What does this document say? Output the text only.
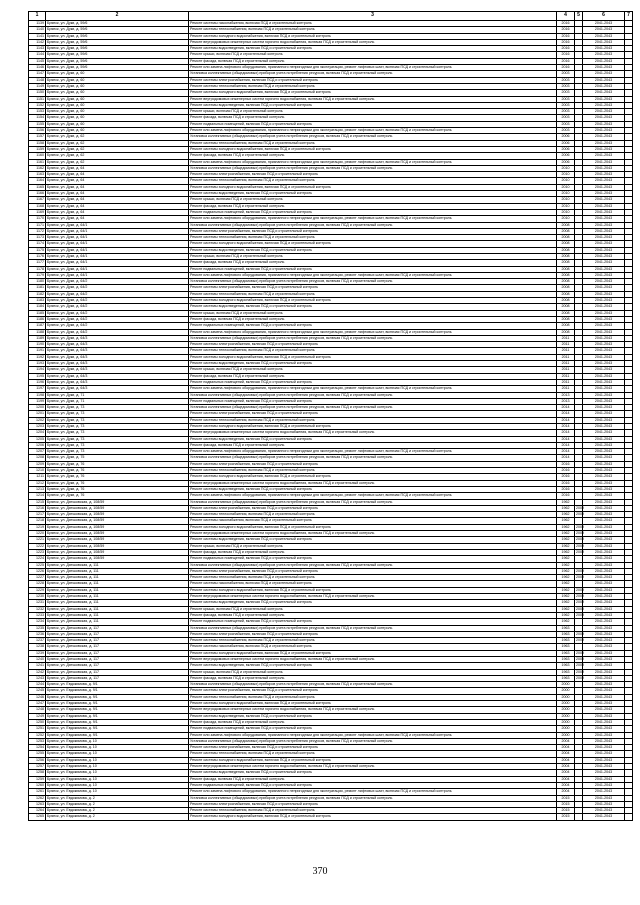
1	2	3	4	5	6	7
1139	Брянск, ул. Дуки, д. 59/6	Ремонт системы газоснабжения, включая ПСД и строительный контроль	2016		2041-2043	
1140	Брянск, ул. Дуки, д. 59/6	Ремонт системы теплоснабжения, включая ПСД и строительный контроль	2016		2041-2043	
1141	Брянск, ул. Дуки, д. 59/6	Ремонт системы холодного водоснабжения, включая ПСД и строительный контроль	2016		2041-2043	
1142	Брянск, ул. Дуки, д. 59/6	Ремонт внутридомовых инженерных систем горячего водоснабжения, включая ПСД и строительный контроль	2016		2041-2043	
1143	Брянск, ул. Дуки, д. 59/6	Ремонт системы водоотведения, включая ПСД и строительный контроль	2016		2041-2043	
1144	Брянск, ул. Дуки, д. 59/6	Ремонт крыши, включая ПСД и строительный контроль	2016		2041-2043	
1145	Брянск, ул. Дуки, д. 59/6	Ремонт фасада, включая ПСД и строительный контроль	2016		2041-2043	
1146	Брянск, ул. Дуки, д. 59/6	Ремонт или замена лифтового оборудования, признанного непригодным для эксплуатации, ремонт лифтовых шахт, включая ПСД и строительный контроль	2016		2041-2043	
1147	Брянск, ул. Дуки, д. 60	Установка коллективных (общедомовых) приборов учета потребления ресурсов, включая ПСД и строительный контроль	2003		2041-2043	
1148	Брянск, ул. Дуки, д. 60	Ремонт системы электроснабжения, включая ПСД и строительный контроль	2003		2041-2043	
1149	Брянск, ул. Дуки, д. 60	Ремонт системы теплоснабжения, включая ПСД и строительный контроль	2003		2041-2043	
1150	Брянск, ул. Дуки, д. 60	Ремонт системы холодного водоснабжения, включая ПСД и строительный контроль	2003		2041-2043	
1151	Брянск, ул. Дуки, д. 60	Ремонт внутридомовых инженерных систем горячего водоснабжения, включая ПСД и строительный контроль	2003		2041-2043	
1152	Брянск, ул. Дуки, д. 60	Ремонт системы водоотведения, включая ПСД и строительный контроль	2003		2041-2043	
1153	Брянск, ул. Дуки, д. 60	Ремонт крыши, включая ПСД и строительный контроль	2003		2041-2043	
1154	Брянск, ул. Дуки, д. 60	Ремонт фасада, включая ПСД и строительный контроль	2003		2041-2043	
1155	Брянск, ул. Дуки, д. 60	Ремонт подвальных помещений, включая ПСД и строительный контроль	2003		2041-2043	
1156	Брянск, ул. Дуки, д. 60	Ремонт или замена лифтового оборудования, признанного непригодным для эксплуатации, ремонт лифтовых шахт, включая ПСД и строительный контроль	2003		2041-2043	
1157	Брянск, ул. Дуки, д. 62	Установка коллективных (общедомовых) приборов учета потребления ресурсов, включая ПСД и строительный контроль	2006		2041-2043	
1158	Брянск, ул. Дуки, д. 62	Ремонт системы теплоснабжения, включая ПСД и строительный контроль	2006		2041-2043	
1159	Брянск, ул. Дуки, д. 62	Ремонт системы холодного водоснабжения, включая ПСД и строительный контроль	2006		2041-2043	
1160	Брянск, ул. Дуки, д. 62	Ремонт фасада, включая ПСД и строительный контроль	2006		2041-2043	
1161	Брянск, ул. Дуки, д. 62	Ремонт или замена лифтового оборудования, признанного непригодным для эксплуатации, ремонт лифтовых шахт, включая ПСД и строительный контроль	2006		2041-2043	
1162	Брянск, ул. Дуки, д. 64	Установка коллективных (общедомовых) приборов учета потребления ресурсов, включая ПСД и строительный контроль	2010		2041-2043	
1163	Брянск, ул. Дуки, д. 64	Ремонт системы электроснабжения, включая ПСД и строительный контроль	2010		2041-2043	
1164	Брянск, ул. Дуки, д. 64	Ремонт системы теплоснабжения, включая ПСД и строительный контроль	2010		2041-2043	
1165	Брянск, ул. Дуки, д. 64	Ремонт системы холодного водоснабжения, включая ПСД и строительный контроль	2010		2041-2043	
1166	Брянск, ул. Дуки, д. 64	Ремонт системы водоотведения, включая ПСД и строительный контроль	2010		2041-2043	
1167	Брянск, ул. Дуки, д. 64	Ремонт крыши, включая ПСД и строительный контроль	2010		2041-2043	
1168	Брянск, ул. Дуки, д. 64	Ремонт фасада, включая ПСД и строительный контроль	2010		2041-2043	
1169	Брянск, ул. Дуки, д. 64	Ремонт подвальных помещений, включая ПСД и строительный контроль	2010		2041-2043	
1170	Брянск, ул. Дуки, д. 64	Ремонт или замена лифтового оборудования, признанного непригодным для эксплуатации, ремонт лифтовых шахт, включая ПСД и строительный контроль	2010		2041-2043	
1171	Брянск, ул. Дуки, д. 64/1	Установка коллективных (общедомовых) приборов учета потребления ресурсов, включая ПСД и строительный контроль	2008		2041-2043	
1172	Брянск, ул. Дуки, д. 64/1	Ремонт системы электроснабжения, включая ПСД и строительный контроль	2008		2041-2043	
1173	Брянск, ул. Дуки, д. 64/1	Ремонт системы теплоснабжения, включая ПСД и строительный контроль	2008		2041-2043	
1174	Брянск, ул. Дуки, д. 64/1	Ремонт системы холодного водоснабжения, включая ПСД и строительный контроль	2008		2041-2043	
1175	Брянск, ул. Дуки, д. 64/1	Ремонт системы водоотведения, включая ПСД и строительный контроль	2008		2041-2043	
1176	Брянск, ул. Дуки, д. 64/1	Ремонт крыши, включая ПСД и строительный контроль	2008		2041-2043	
1177	Брянск, ул. Дуки, д. 64/1	Ремонт фасада, включая ПСД и строительный контроль	2008		2041-2043	
1178	Брянск, ул. Дуки, д. 64/1	Ремонт подвальных помещений, включая ПСД и строительный контроль	2008		2041-2043	
1179	Брянск, ул. Дуки, д. 64/1	Ремонт или замена лифтового оборудования, признанного непригодным для эксплуатации, ремонт лифтовых шахт, включая ПСД и строительный контроль	2008		2041-2043	
1180	Брянск, ул. Дуки, д. 64/2	Установка коллективных (общедомовых) приборов учета потребления ресурсов, включая ПСД и строительный контроль	2008		2041-2043	
1181	Брянск, ул. Дуки, д. 64/2	Ремонт системы электроснабжения, включая ПСД и строительный контроль	2008		2041-2043	
1182	Брянск, ул. Дуки, д. 64/2	Ремонт системы теплоснабжения, включая ПСД и строительный контроль	2008		2041-2043	
1183	Брянск, ул. Дуки, д. 64/2	Ремонт системы холодного водоснабжения, включая ПСД и строительный контроль	2008		2041-2043	
1184	Брянск, ул. Дуки, д. 64/2	Ремонт системы водоотведения, включая ПСД и строительный контроль	2008		2041-2043	
1185	Брянск, ул. Дуки, д. 64/2	Ремонт крыши, включая ПСД и строительный контроль	2008		2041-2043	
1186	Брянск, ул. Дуки, д. 64/2	Ремонт фасада, включая ПСД и строительный контроль	2008		2041-2043	
1187	Брянск, ул. Дуки, д. 64/2	Ремонт подвальных помещений, включая ПСД и строительный контроль	2008		2041-2043	
1188	Брянск, ул. Дуки, д. 64/2	Ремонт или замена лифтового оборудования, признанного непригодным для эксплуатации, ремонт лифтовых шахт, включая ПСД и строительный контроль	2008		2041-2043	
1189	Брянск, ул. Дуки, д. 64/3	Установка коллективных (общедомовых) приборов учета потребления ресурсов, включая ПСД и строительный контроль	2011		2041-2043	
1190	Брянск, ул. Дуки, д. 64/3	Ремонт системы электроснабжения, включая ПСД и строительный контроль	2011		2041-2043	
1191	Брянск, ул. Дуки, д. 64/3	Ремонт системы теплоснабжения, включая ПСД и строительный контроль	2011		2041-2043	
1192	Брянск, ул. Дуки, д. 64/3	Ремонт системы холодного водоснабжения, включая ПСД и строительный контроль	2011		2041-2043	
1193	Брянск, ул. Дуки, д. 64/3	Ремонт системы водоотведения, включая ПСД и строительный контроль	2011		2041-2043	
1194	Брянск, ул. Дуки, д. 64/3	Ремонт крыши, включая ПСД и строительный контроль	2011		2041-2043	
1195	Брянск, ул. Дуки, д. 64/3	Ремонт фасада, включая ПСД и строительный контроль	2011		2041-2043	
1196	Брянск, ул. Дуки, д. 64/3	Ремонт подвальных помещений, включая ПСД и строительный контроль	2011		2041-2043	
1197	Брянск, ул. Дуки, д. 64/3	Ремонт или замена лифтового оборудования, признанного непригодным для эксплуатации, ремонт лифтовых шахт, включая ПСД и строительный контроль	2011		2041-2043	
1198	Брянск, ул. Дуки, д. 71	Установка коллективных (общедомовых) приборов учета потребления ресурсов, включая ПСД и строительный контроль	2013		2041-2043	
1199	Брянск, ул. Дуки, д. 71	Ремонт подвальных помещений, включая ПСД и строительный контроль	2013		2041-2043	
1200	Брянск, ул. Дуки, д. 73	Установка коллективных (общедомовых) приборов учета потребления ресурсов, включая ПСД и строительный контроль	2014		2041-2043	
1201	Брянск, ул. Дуки, д. 73	Ремонт системы электроснабжения, включая ПСД и строительный контроль	2014		2041-2043	
1202	Брянск, ул. Дуки, д. 73	Ремонт системы теплоснабжения, включая ПСД и строительный контроль	2014		2041-2043	
1203	Брянск, ул. Дуки, д. 73	Ремонт системы холодного водоснабжения, включая ПСД и строительный контроль	2014		2041-2043	
1204	Брянск, ул. Дуки, д. 73	Ремонт внутридомовых инженерных систем горячего водоснабжения, включая ПСД и строительный контроль	2014		2041-2043	
1205	Брянск, ул. Дуки, д. 73	Ремонт системы водоотведения, включая ПСД и строительный контроль	2014		2041-2043	
1206	Брянск, ул. Дуки, д. 73	Ремонт фасада, включая ПСД и строительный контроль	2014		2041-2043	
1207	Брянск, ул. Дуки, д. 73	Ремонт или замена лифтового оборудования, признанного непригодным для эксплуатации, ремонт лифтовых шахт, включая ПСД и строительный контроль	2014		2041-2043	
1208	Брянск, ул. Дуки, д. 75	Установка коллективных (общедомовых) приборов учета потребления ресурсов, включая ПСД и строительный контроль	2014		2041-2043	
1209	Брянск, ул. Дуки, д. 76	Ремонт системы электроснабжения, включая ПСД и строительный контроль	2016		2041-2043	
1210	Брянск, ул. Дуки, д. 76	Ремонт системы теплоснабжения, включая ПСД и строительный контроль	2016		2041-2043	
1211	Брянск, ул. Дуки, д. 76	Ремонт системы холодного водоснабжения, включая ПСД и строительный контроль	2016		2041-2043	
1212	Брянск, ул. Дуки, д. 76	Ремонт внутридомовых инженерных систем горячего водоснабжения, включая ПСД и строительный контроль	2016		2041-2043	
1213	Брянск, ул. Дуки, д. 76	Ремонт системы водоотведения, включая ПСД и строительный контроль	2016		2041-2043	
1214	Брянск, ул. Дуки, д. 76	Ремонт или замена лифтового оборудования, признанного непригодным для эксплуатации, ремонт лифтовых шахт, включая ПСД и строительный контроль	2016		2041-2043	
1215	Брянск, ул. Дятьковская, д. 108/59	Установка коллективных (общедомовых) приборов учета потребления ресурсов, включая ПСД и строительный контроль	1962		2041-2043	
1216	Брянск, ул. Дятьковская, д. 108/59	Ремонт системы электроснабжения, включая ПСД и строительный контроль	1962	2009	2041-2043	
1217	Брянск, ул. Дятьковская, д. 108/59	Ремонт системы теплоснабжения, включая ПСД и строительный контроль	1962	2009	2041-2043	
1218	Брянск, ул. Дятьковская, д. 108/59	Ремонт системы газоснабжения, включая ПСД и строительный контроль	1962		2041-2043	
1219	Брянск, ул. Дятьковская, д. 108/59	Ремонт системы холодного водоснабжения, включая ПСД и строительный контроль	1962	2009	2041-2043	
1220	Брянск, ул. Дятьковская, д. 108/59	Ремонт внутридомовых инженерных систем горячего водоснабжения, включая ПСД и строительный контроль	1962	2009	2041-2043	
1221	Брянск, ул. Дятьковская, д. 108/59	Ремонт системы водоотведения, включая ПСД и строительный контроль	1962	2009	2041-2043	
1222	Брянск, ул. Дятьковская, д. 108/59	Ремонт крыши, включая ПСД и строительный контроль	1962	2009	2041-2043	
1223	Брянск, ул. Дятьковская, д. 108/59	Ремонт фасада, включая ПСД и строительный контроль	1962	2009	2041-2043	
1224	Брянск, ул. Дятьковская, д. 108/59	Ремонт подвальных помещений, включая ПСД и строительный контроль	1962		2041-2043	
1225	Брянск, ул. Дятьковская, д. 111	Установка коллективных (общедомовых) приборов учета потребления ресурсов, включая ПСД и строительный контроль	1962		2041-2043	
1226	Брянск, ул. Дятьковская, д. 111	Ремонт системы электроснабжения, включая ПСД и строительный контроль	1962	2009	2041-2043	
1227	Брянск, ул. Дятьковская, д. 111	Ремонт системы теплоснабжения, включая ПСД и строительный контроль	1962	2009	2041-2043	
1228	Брянск, ул. Дятьковская, д. 111	Ремонт системы газоснабжения, включая ПСД и строительный контроль	1962		2041-2043	
1229	Брянск, ул. Дятьковская, д. 111	Ремонт системы холодного водоснабжения, включая ПСД и строительный контроль	1962	2009	2041-2043	
1230	Брянск, ул. Дятьковская, д. 111	Ремонт внутридомовых инженерных систем горячего водоснабжения, включая ПСД и строительный контроль	1962	2009	2041-2043	
1231	Брянск, ул. Дятьковская, д. 111	Ремонт системы водоотведения, включая ПСД и строительный контроль	1962	2009	2041-2043	
1232	Брянск, ул. Дятьковская, д. 111	Ремонт крыши, включая ПСД и строительный контроль	1962	2009	2041-2043	
1233	Брянск, ул. Дятьковская, д. 111	Ремонт фасада, включая ПСД и строительный контроль	1962	2009	2041-2043	
1234	Брянск, ул. Дятьковская, д. 111	Ремонт подвальных помещений, включая ПСД и строительный контроль	1962		2041-2043	
1235	Брянск, ул. Дятьковская, д. 117	Установка коллективных (общедомовых) приборов учета потребления ресурсов, включая ПСД и строительный контроль	1963		2041-2043	
1236	Брянск, ул. Дятьковская, д. 117	Ремонт системы электроснабжения, включая ПСД и строительный контроль	1963	2009	2041-2043	
1237	Брянск, ул. Дятьковская, д. 117	Ремонт системы теплоснабжения, включая ПСД и строительный контроль	1963	2009	2041-2043	
1238	Брянск, ул. Дятьковская, д. 117	Ремонт системы газоснабжения, включая ПСД и строительный контроль	1963		2041-2043	
1239	Брянск, ул. Дятьковская, д. 117	Ремонт системы холодного водоснабжения, включая ПСД и строительный контроль	1963	2009	2041-2043	
1240	Брянск, ул. Дятьковская, д. 117	Ремонт внутридомовых инженерных систем горячего водоснабжения, включая ПСД и строительный контроль	1963	2009	2041-2043	
1241	Брянск, ул. Дятьковская, д. 117	Ремонт системы водоотведения, включая ПСД и строительный контроль	1963	2009	2041-2043	
1242	Брянск, ул. Дятьковская, д. 117	Ремонт крыши, включая ПСД и строительный контроль	1963	2009	2041-2043	
1243	Брянск, ул. Дятьковская, д. 117	Ремонт фасада, включая ПСД и строительный контроль	1963	2009	2041-2043	
1244	Брянск, ул. Евдокимова, д. 9/1	Установка коллективных (общедомовых) приборов учета потребления ресурсов, включая ПСД и строительный контроль	2000		2041-2043	
1245	Брянск, ул. Евдокимова, д. 9/1	Ремонт системы электроснабжения, включая ПСД и строительный контроль	2000		2041-2043	
1246	Брянск, ул. Евдокимова, д. 9/1	Ремонт системы теплоснабжения, включая ПСД и строительный контроль	2000		2041-2043	
1247	Брянск, ул. Евдокимова, д. 9/1	Ремонт системы холодного водоснабжения, включая ПСД и строительный контроль	2000		2041-2043	
1248	Брянск, ул. Евдокимова, д. 9/1	Ремонт внутридомовых инженерных систем горячего водоснабжения, включая ПСД и строительный контроль	2000		2041-2043	
1249	Брянск, ул. Евдокимова, д. 9/1	Ремонт системы водоотведения, включая ПСД и строительный контроль	2000		2041-2043	
1250	Брянск, ул. Евдокимова, д. 9/1	Ремонт фасада, включая ПСД и строительный контроль	2000		2041-2043	
1251	Брянск, ул. Евдокимова, д. 9/1	Ремонт подвальных помещений, включая ПСД и строительный контроль	2000		2041-2043	
1252	Брянск, ул. Евдокимова, д. 9/1	Ремонт или замена лифтового оборудования, признанного непригодным для эксплуатации, ремонт лифтовых шахт, включая ПСД и строительный контроль	2000		2041-2043	
1253	Брянск, ул. Евдокимова, д. 10	Установка коллективных (общедомовых) приборов учета потребления ресурсов, включая ПСД и строительный контроль	2004		2041-2043	
1254	Брянск, ул. Евдокимова, д. 10	Ремонт системы электроснабжения, включая ПСД и строительный контроль	2004		2041-2043	
1255	Брянск, ул. Евдокимова, д. 10	Ремонт системы теплоснабжения, включая ПСД и строительный контроль	2004		2041-2043	
1256	Брянск, ул. Евдокимова, д. 10	Ремонт системы холодного водоснабжения, включая ПСД и строительный контроль	2004		2041-2043	
1257	Брянск, ул. Евдокимова, д. 10	Ремонт внутридомовых инженерных систем горячего водоснабжения, включая ПСД и строительный контроль	2004		2041-2043	
1258	Брянск, ул. Евдокимова, д. 10	Ремонт системы водоотведения, включая ПСД и строительный контроль	2004		2041-2043	
1259	Брянск, ул. Евдокимова, д. 10	Ремонт фасада, включая ПСД и строительный контроль	2004		2041-2043	
1260	Брянск, ул. Евдокимова, д. 10	Ремонт подвальных помещений, включая ПСД и строительный контроль	2004		2041-2043	
1261	Брянск, ул. Евдокимова, д. 10	Ремонт или замена лифтового оборудования, признанного непригодным для эксплуатации, ремонт лифтовых шахт, включая ПСД и строительный контроль	2004		2041-2043	
1262	Брянск, ул. Евдокимова, д. 2	Установка коллективных (общедомовых) приборов учета потребления ресурсов, включая ПСД и строительный контроль	2015		2041-2043	
1263	Брянск, ул. Евдокимова, д. 2	Ремонт системы электроснабжения, включая ПСД и строительный контроль	2015		2041-2043	
1264	Брянск, ул. Евдокимова, д. 2	Ремонт системы теплоснабжения, включая ПСД и строительный контроль	2015		2041-2043	
1265	Брянск, ул. Евдокимова, д. 2	Ремонт системы холодного водоснабжения, включая ПСД и строительный контроль	2015		2041-2043	
370
